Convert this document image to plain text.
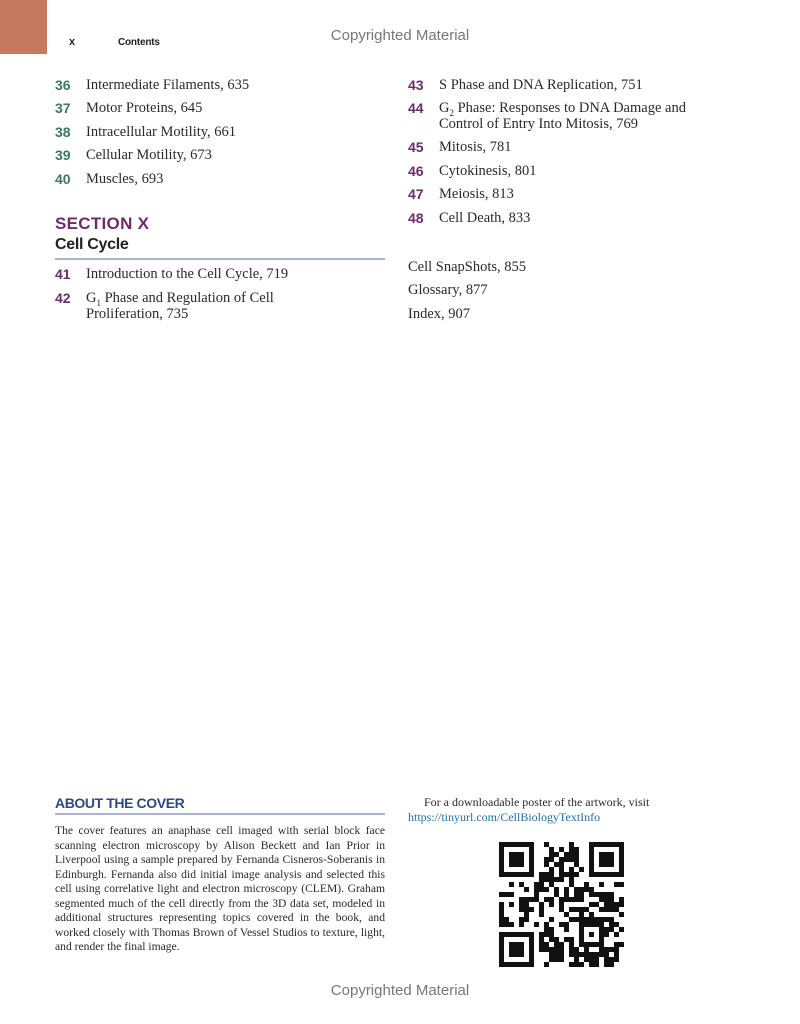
x	Contents	Copyrighted Material
36	Intermediate Filaments, 635
37	Motor Proteins, 645
38	Intracellular Motility, 661
39	Cellular Motility, 673
40	Muscles, 693
SECTION X
Cell Cycle
41	Introduction to the Cell Cycle, 719
42	$G_1$ Phase and Regulation of Cell Proliferation, 735
43	S Phase and DNA Replication, 751
44	$G_2$ Phase: Responses to DNA Damage and Control of Entry Into Mitosis, 769
45	Mitosis, 781
46	Cytokinesis, 801
47	Meiosis, 813
48	Cell Death, 833
Cell SnapShots, 855
Glossary, 877
Index, 907
ABOUT THE COVER
The cover features an anaphase cell imaged with serial block face scanning electron microscopy by Alison Beckett and Ian Prior in Liverpool using a sample prepared by Fernanda Cisneros-Soberanis in Edinburgh. Fernanda also did initial image analysis and selected this cell using correlative light and electron microscopy (CLEM). Graham segmented much of the cell directly from the 3D data set, modeled in additional structures representing topics covered in the book, and worked closely with Thomas Brown of Vessel Studios to texture, light, and render the final image.
For a downloadable poster of the artwork, visit https://tinyurl.com/CellBiologyTextInfo
Copyrighted Material
